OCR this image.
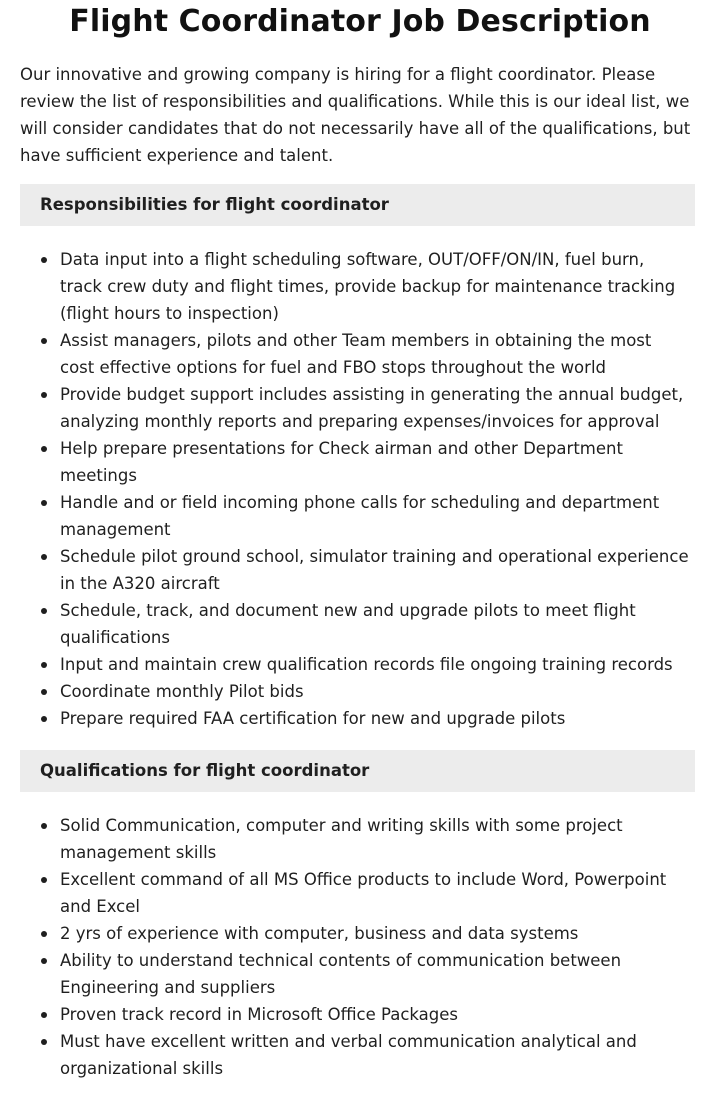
Flight Coordinator Job Description

Our innovative and growing company is hiring for a flight coordinator. Please review the list of responsibilities and qualifications. While this is our ideal list, we will consider candidates that do not necessarily have all of the qualifications, but have sufficient experience and talent.

Responsibilities for flight coordinator
Data input into a flight scheduling software, OUT/OFF/ON/IN, fuel burn, track crew duty and flight times, provide backup for maintenance tracking (flight hours to inspection)
Assist managers, pilots and other Team members in obtaining the most cost effective options for fuel and FBO stops throughout the world
Provide budget support includes assisting in generating the annual budget, analyzing monthly reports and preparing expenses/invoices for approval
Help prepare presentations for Check airman and other Department meetings
Handle and or field incoming phone calls for scheduling and department management
Schedule pilot ground school, simulator training and operational experience in the A320 aircraft
Schedule, track, and document new and upgrade pilots to meet flight qualifications
Input and maintain crew qualification records file ongoing training records
Coordinate monthly Pilot bids
Prepare required FAA certification for new and upgrade pilots
Qualifications for flight coordinator
Solid Communication, computer and writing skills with some project management skills
Excellent command of all MS Office products to include Word, Powerpoint and Excel
2 yrs of experience with computer, business and data systems
Ability to understand technical contents of communication between Engineering and suppliers
Proven track record in Microsoft Office Packages
Must have excellent written and verbal communication analytical and organizational skills
